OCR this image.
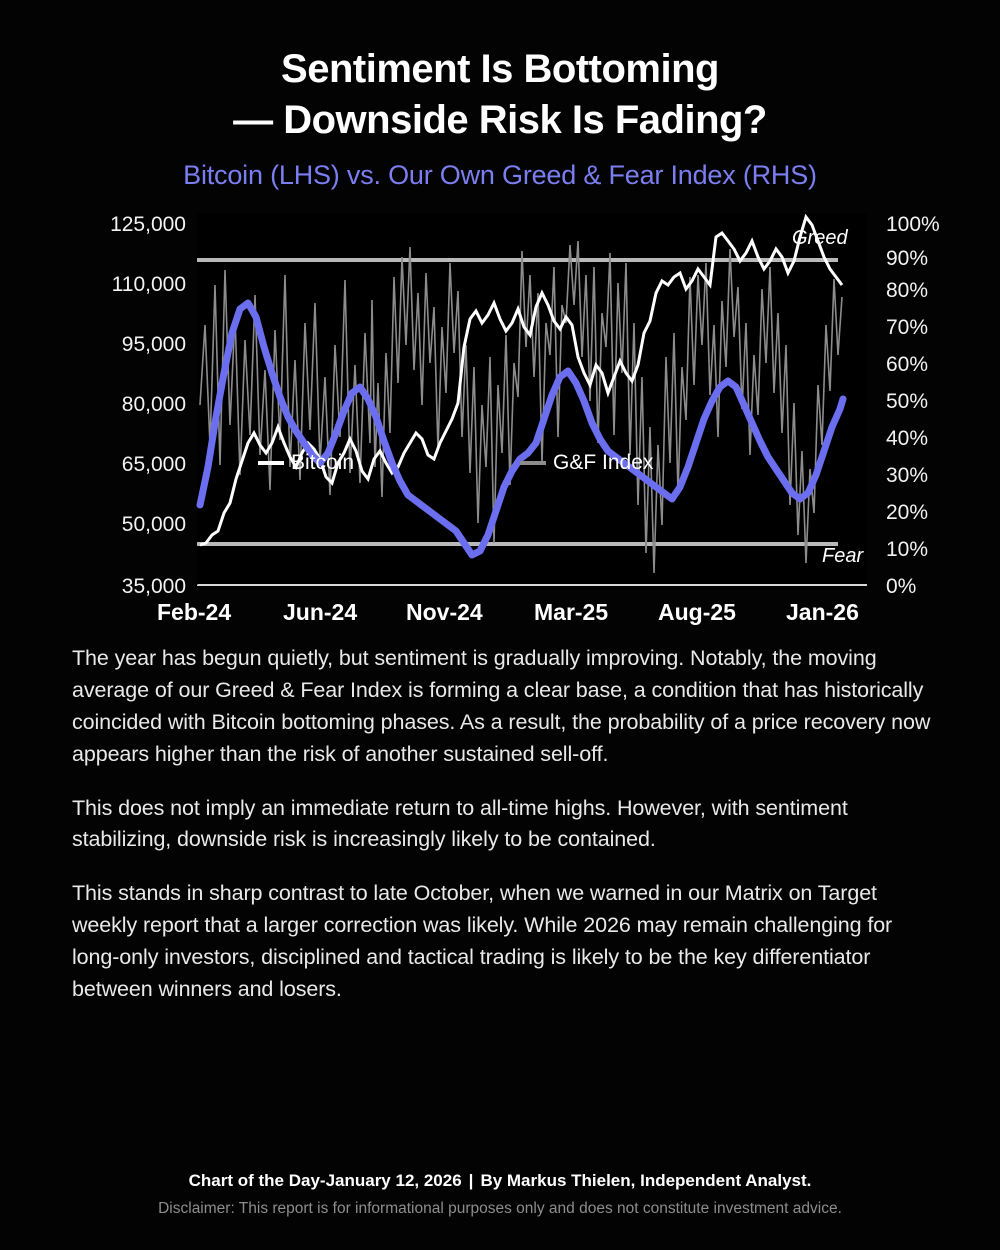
Sentiment Is Bottoming
— Downside Risk Is Fading?
Bitcoin (LHS) vs. Our Own Greed & Fear Index (RHS)
Bitcoin	G&F Index
35,000
50,000
65,000
80,000
95,000
110,000
125,000
0%
10%
20%
30%
40%
50%
60%
70%
80%
90%
100%
Greed
Fear
Feb-24 Jun-24 Nov-24 Mar-25 Aug-25 Jan-26

The year has begun quietly, but sentiment is gradually improving. Notably, the moving average of our Greed & Fear Index is forming a clear base, a condition that has historically coincided with Bitcoin bottoming phases. As a result, the probability of a price recovery now appears higher than the risk of another sustained sell-off.

This does not imply an immediate return to all-time highs. However, with sentiment stabilizing, downside risk is increasingly likely to be contained.

This stands in sharp contrast to late October, when we warned in our Matrix on Target weekly report that a larger correction was likely. While 2026 may remain challenging for long-only investors, disciplined and tactical trading is likely to be the key differentiator between winners and losers.

Chart of the Day-January 12, 2026 | By Markus Thielen, Independent Analyst.
Disclaimer: This report is for informational purposes only and does not constitute investment advice.
